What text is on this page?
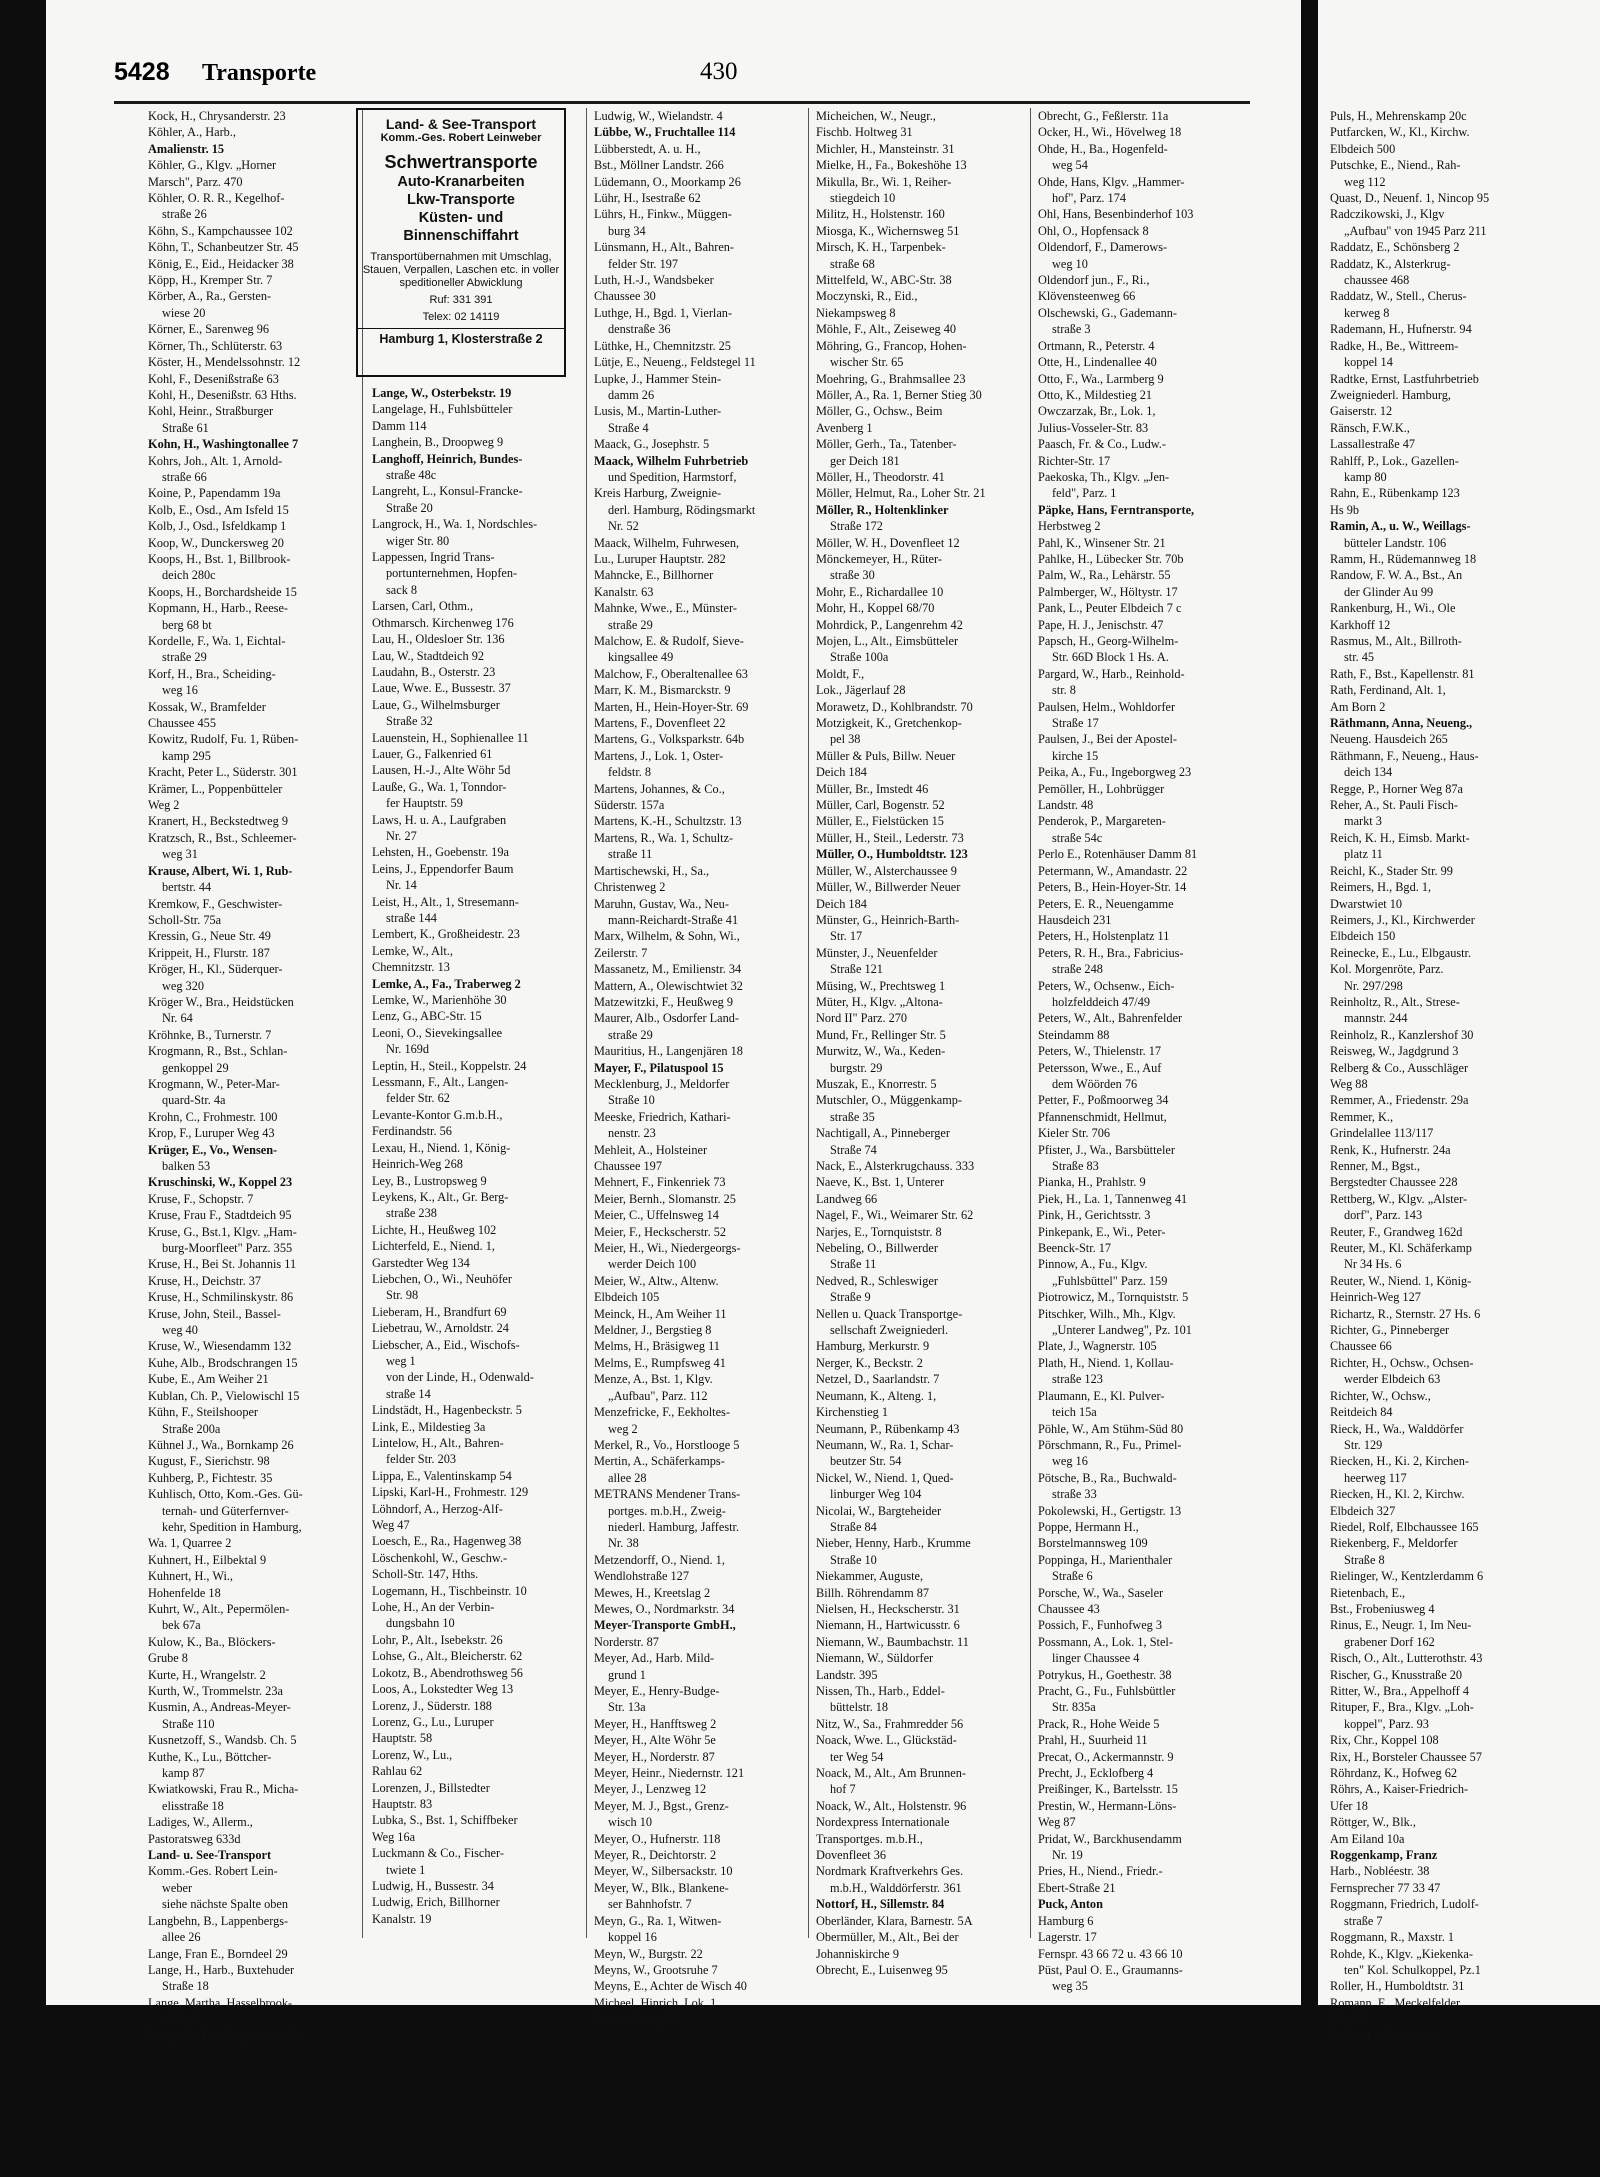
5428 Transporte	430
Kock, H., Chrysanderstr. 23
Köhler, A., Harb.,
Amalienstr. 15
Köhler, G., Klgv. „Horner
Marsch", Parz. 470
Köhler, O. R. R., Kegelhof-
straße 26
Köhn, S., Kampchaussee 102
Köhn, T., Schanbeutzer Str. 45
König, E., Eid., Heidacker 38
Köpp, H., Kremper Str. 7
Körber, A., Ra., Gersten-
wiese 20
Körner, E., Sarenweg 96
Körner, Th., Schlüterstr. 63
Köster, H., Mendelssohnstr. 12
Kohl, F., Desenißstraße 63
Kohl, H., Desenißstr. 63 Hths.
Kohl, Heinr., Straßburger
Straße 61
Kohn, H., Washingtonallee 7
Kohrs, Joh., Alt. 1, Arnold-
straße 66
Koine, P., Papendamm 19a
Kolb, E., Osd., Am Isfeld 15
Kolb, J., Osd., Isfeldkamp 1
Koop, W., Dunckersweg 20
Koops, H., Bst. 1, Billbrook-
deich 280c
Koops, H., Borchardsheide 15
Kopmann, H., Harb., Reese-
berg 68 bt
Kordelle, F., Wa. 1, Eichtal-
straße 29
Korf, H., Bra., Scheiding-
weg 16
Kossak, W., Bramfelder
Chaussee 455
Kowitz, Rudolf, Fu. 1, Rüben-
kamp 295
Kracht, Peter L., Süderstr. 301
Krämer, L., Poppenbütteler
Weg 2
Kranert, H., Beckstedtweg 9
Kratzsch, R., Bst., Schleemer-
weg 31
Krause, Albert, Wi. 1, Rub-
bertstr. 44
Kremkow, F., Geschwister-
Scholl-Str. 75a
Kressin, G., Neue Str. 49
Krippeit, H., Flurstr. 187
Kröger, H., Kl., Süderquer-
weg 320
Kröger W., Bra., Heidstücken
Nr. 64
Kröhnke, B., Turnerstr. 7
Krogmann, R., Bst., Schlan-
genkoppel 29
Krogmann, W., Peter-Mar-
quard-Str. 4a
Krohn, C., Frohmestr. 100
Krop, F., Luruper Weg 43
Krüger, E., Vo., Wensen-
balken 53
Kruschinski, W., Koppel 23
Kruse, F., Schopstr. 7
Kruse, Frau F., Stadtdeich 95
Kruse, G., Bst.1, Klgv. „Ham-
burg-Moorfleet" Parz. 355
Kruse, H., Bei St. Johannis 11
Kruse, H., Deichstr. 37
Kruse, H., Schmilinskystr. 86
Kruse, John, Steil., Bassel-
weg 40
Kruse, W., Wiesendamm 132
Kuhe, Alb., Brodschrangen 15
Kube, E., Am Weiher 21
Kublan, Ch. P., Vielowischl 15
Kühn, F., Steilshooper
Straße 200a
Kühnel J., Wa., Bornkamp 26
Kugust, F., Sierichstr. 98
Kuhberg, P., Fichtestr. 35
Kuhlisch, Otto, Kom.-Ges. Gü-
ternah- und Güterfernver-
kehr, Spedition in Hamburg,
Wa. 1, Quarree 2
Kuhnert, H., Eilbektal 9
Kuhnert, H., Wi.,
Hohenfelde 18
Kuhrt, W., Alt., Pepermölen-
bek 67a
Kulow, K., Ba., Blöckers-
Grube 8
Kurte, H., Wrangelstr. 2
Kurth, W., Trommelstr. 23a
Kusmin, A., Andreas-Meyer-
Straße 110
Kusnetzoff, S., Wandsb. Ch. 5
Kuthe, K., Lu., Böttcher-
kamp 87
Kwiatkowski, Frau R., Micha-
elisstraße 18
Ladiges, W., Allerm.,
Pastoratsweg 633d
Land- u. See-Transport
Komm.-Ges. Robert Lein-
weber
siehe nächste Spalte oben
Langbehn, B., Lappenbergs-
allee 26
Lange, Fran E., Borndeel 29
Lange, H., Harb., Buxtehuder
Straße 18
Lange, Martha, Hasselbrook-
straße 8
Lange, R., Fa., Kupferdamm50
Land- & See-Transport
Komm.-Ges. Robert Leinweber
Schwertransporte
Auto-Kranarbeiten
Lkw-Transporte
Küsten- und
Binnenschiffahrt
Transportübernahmen mit Umschlag, Stauen, Verpallen, Laschen etc. in voller speditioneller Abwicklung
Ruf: 331 391
Telex: 02 14119
Hamburg 1, Klosterstraße 2
Lange, W., Osterbekstr. 19
Langelage, H., Fuhlsbütteler
Damm 114
Langhein, B., Droopweg 9
Langhoff, Heinrich, Bundes-
straße 48c
Langreht, L., Konsul-Francke-
Straße 20
Langrock, H., Wa. 1, Nordschles-
wiger Str. 80
Lappessen, Ingrid Trans-
portunternehmen, Hopfen-
sack 8
Larsen, Carl, Othm.,
Othmarsch. Kirchenweg 176
Lau, H., Oldesloer Str. 136
Lau, W., Stadtdeich 92
Laudahn, B., Osterstr. 23
Laue, Wwe. E., Bussestr. 37
Laue, G., Wilhelmsburger
Straße 32
Lauenstein, H., Sophienallee 11
Lauer, G., Falkenried 61
Lausen, H.-J., Alte Wöhr 5d
Lauße, G., Wa. 1, Tonndor-
fer Hauptstr. 59
Laws, H. u. A., Laufgraben
Nr. 27
Lehsten, H., Goebenstr. 19a
Leins, J., Eppendorfer Baum
Nr. 14
Leist, H., Alt., 1, Stresemann-
straße 144
Lembert, K., Großheidestr. 23
Lemke, W., Alt.,
Chemnitzstr. 13
Lemke, A., Fa., Traberweg 2
Lemke, W., Marienhöhe 30
Lenz, G., ABC-Str. 15
Leoni, O., Sievekingsallee
Nr. 169d
Leptin, H., Steil., Koppelstr. 24
Lessmann, F., Alt., Langen-
felder Str. 62
Levante-Kontor G.m.b.H.,
Ferdinandstr. 56
Lexau, H., Niend. 1, König-
Heinrich-Weg 268
Ley, B., Lustropsweg 9
Leykens, K., Alt., Gr. Berg-
straße 238
Lichte, H., Heußweg 102
Lichterfeld, E., Niend. 1,
Garstedter Weg 134
Liebchen, O., Wi., Neuhöfer
Str. 98
Lieberam, H., Brandfurt 69
Liebetrau, W., Arnoldstr. 24
Liebscher, A., Eid., Wischofs-
weg 1
von der Linde, H., Odenwald-
straße 14
Lindstädt, H., Hagenbeckstr. 5
Link, E., Mildestieg 3a
Lintelow, H., Alt., Bahren-
felder Str. 203
Lippa, E., Valentinskamp 54
Lipski, Karl-H., Frohmestr. 129
Löhndorf, A., Herzog-Alf-
Weg 47
Loesch, E., Ra., Hagenweg 38
Löschenkohl, W., Geschw.-
Scholl-Str. 147, Hths.
Logemann, H., Tischbeinstr. 10
Lohe, H., An der Verbin-
dungsbahn 10
Lohr, P., Alt., Isebekstr. 26
Lohse, G., Alt., Bleicherstr. 62
Lokotz, B., Abendrothsweg 56
Loos, A., Lokstedter Weg 13
Lorenz, J., Süderstr. 188
Lorenz, G., Lu., Luruper
Hauptstr. 58
Lorenz, W., Lu.,
Rahlau 62
Lorenzen, J., Billstedter
Hauptstr. 83
Lubka, S., Bst. 1, Schiffbeker
Weg 16a
Luckmann & Co., Fischer-
twiete 1
Ludwig, H., Bussestr. 34
Ludwig, Erich, Billhorner
Kanalstr. 19
Ludwig, W., Wielandstr. 4
Lübbe, W., Fruchtallee 114
Lübberstedt, A. u. H.,
Bst., Möllner Landstr. 266
Lüdemann, O., Moorkamp 26
Lühr, H., Isestraße 62
Lührs, H., Finkw., Müggen-
burg 34
Lünsmann, H., Alt., Bahren-
felder Str. 197
Luth, H.-J., Wandsbeker
Chaussee 30
Luthge, H., Bgd. 1, Vierlan-
denstraße 36
Lüthke, H., Chemnitzstr. 25
Lütje, E., Neueng., Feldstegel 11
Lupke, J., Hammer Stein-
damm 26
Lusis, M., Martin-Luther-
Straße 4
Maack, G., Josephstr. 5
Maack, Wilhelm Fuhrbetrieb
und Spedition, Harmstorf,
Kreis Harburg, Zweignie-
derl. Hamburg, Rödingsmarkt
Nr. 52
Maack, Wilhelm, Fuhrwesen,
Lu., Luruper Hauptstr. 282
Mahncke, E., Billhorner
Kanalstr. 63
Mahnke, Wwe., E., Münster-
straße 29
Malchow, E. & Rudolf, Sieve-
kingsallee 49
Malchow, F., Oberaltenallee 63
Marr, K. M., Bismarckstr. 9
Marten, H., Hein-Hoyer-Str. 69
Martens, F., Dovenfleet 22
Martens, G., Volksparkstr. 64b
Martens, J., Lok. 1, Oster-
feldstr. 8
Martens, Johannes, & Co.,
Süderstr. 157a
Martens, K.-H., Schultzstr. 13
Martens, R., Wa. 1, Schultz-
straße 11
Martischewski, H., Sa.,
Christenweg 2
Maruhn, Gustav, Wa., Neu-
mann-Reichardt-Straße 41
Marx, Wilhelm, & Sohn, Wi.,
Zeilerstr. 7
Massanetz, M., Emilienstr. 34
Mattern, A., Olewischtwiet 32
Matzewitzki, F., Heußweg 9
Maurer, Alb., Osdorfer Land-
straße 29
Mauritius, H., Langenjären 18
Mayer, F., Pilatuspool 15
Mecklenburg, J., Meldorfer
Straße 10
Meeske, Friedrich, Kathari-
nenstr. 23
Mehleit, A., Holsteiner
Chaussee 197
Mehnert, F., Finkenriek 73
Meier, Bernh., Slomanstr. 25
Meier, C., Uffelnsweg 14
Meier, F., Heckscherstr. 52
Meier, H., Wi., Niedergeorgs-
werder Deich 100
Meier, W., Altw., Altenw.
Elbdeich 105
Meinck, H., Am Weiher 11
Meldner, J., Bergstieg 8
Melms, H., Bräsigweg 11
Melms, E., Rumpfsweg 41
Menze, A., Bst. 1, Klgv.
„Aufbau", Parz. 112
Menzefricke, F., Eekholtes-
weg 2
Merkel, R., Vo., Horstlooge 5
Mertin, A., Schäferkamps-
allee 28
METRANS Mendener Trans-
portges. m.b.H., Zweig-
niederl. Hamburg, Jaffestr.
Nr. 38
Metzendorff, O., Niend. 1,
Wendlohstraße 127
Mewes, H., Kreetslag 2
Mewes, O., Nordmarkstr. 34
Meyer-Transporte GmbH.,
Norderstr. 87
Meyer, Ad., Harb. Mild-
grund 1
Meyer, E., Henry-Budge-
Str. 13a
Meyer, H., Hanfftsweg 2
Meyer, H., Alte Wöhr 5e
Meyer, H., Norderstr. 87
Meyer, Heinr., Niedernstr. 121
Meyer, J., Lenzweg 12
Meyer, M. J., Bgst., Grenz-
wisch 10
Meyer, O., Hufnerstr. 118
Meyer, R., Deichtorstr. 2
Meyer, W., Silbersackstr. 10
Meyer, W., Blk., Blankene-
ser Bahnhofstr. 7
Meyn, G., Ra. 1, Witwen-
koppel 16
Meyn, W., Burgstr. 22
Meyns, W., Grootsruhe 7
Meyns, E., Achter de Wisch 40
Micheel, Hinrich, Lok. 1,
Gazellenkamp 75
Micheichen, W., Neugr.,
Fischb. Holtweg 31
Michler, H., Mansteinstr. 31
Mielke, H., Fa., Bokeshöhe 13
Mikulla, Br., Wi. 1, Reiher-
stiegdeich 10
Militz, H., Holstenstr. 160
Miosga, K., Wichernsweg 51
Mirsch, K. H., Tarpenbek-
straße 68
Mittelfeld, W., ABC-Str. 38
Moczynski, R., Eid.,
Niekampsweg 8
Möhle, F., Alt., Zeiseweg 40
Möhring, G., Francop, Hohen-
wischer Str. 65
Moehring, G., Brahmsallee 23
Möller, A., Ra. 1, Berner Stieg 30
Möller, G., Ochsw., Beim
Avenberg 1
Möller, Gerh., Ta., Tatenber-
ger Deich 181
Möller, H., Theodorstr. 41
Möller, Helmut, Ra., Loher Str. 21
Möller, R., Holtenklinker
Straße 172
Möller, W. H., Dovenfleet 12
Mönckemeyer, H., Rüter-
straße 30
Mohr, E., Richardallee 10
Mohr, H., Koppel 68/70
Mohrdick, P., Langenrehm 42
Mojen, L., Alt., Eimsbütteler
Straße 100a
Moldt, F.,
Lok., Jägerlauf 28
Morawetz, D., Kohlbrandstr. 70
Motzigkeit, K., Gretchenkop-
pel 38
Müller & Puls, Billw. Neuer
Deich 184
Müller, Br., Imstedt 46
Müller, Carl, Bogenstr. 52
Müller, E., Fielstücken 15
Müller, H., Steil., Lederstr. 73
Müller, O., Humboldtstr. 123
Müller, W., Alsterchaussee 9
Müller, W., Billwerder Neuer
Deich 184
Münster, G., Heinrich-Barth-
Str. 17
Münster, J., Neuenfelder
Straße 121
Müsing, W., Prechtsweg 1
Müter, H., Klgv. „Altona-
Nord II" Parz. 270
Mund, Fr., Rellinger Str. 5
Murwitz, W., Wa., Keden-
burgstr. 29
Muszak, E., Knorrestr. 5
Mutschler, O., Müggenkamp-
straße 35
Nachtigall, A., Pinneberger
Straße 74
Nack, E., Alsterkrugchauss. 333
Naeve, K., Bst. 1, Unterer
Landweg 66
Nagel, F., Wi., Weimarer Str. 62
Narjes, E., Tornquiststr. 8
Nebeling, O., Billwerder
Straße 11
Nedved, R., Schleswiger
Straße 9
Nellen u. Quack Transportge-
sellschaft Zweigniederl.
Hamburg, Merkurstr. 9
Nerger, K., Beckstr. 2
Netzel, D., Saarlandstr. 7
Neumann, K., Alteng. 1,
Kirchenstieg 1
Neumann, P., Rübenkamp 43
Neumann, W., Ra. 1, Schar-
beutzer Str. 54
Nickel, W., Niend. 1, Qued-
linburger Weg 104
Nicolai, W., Bargteheider
Straße 84
Nieber, Henny, Harb., Krumme
Straße 10
Niekammer, Auguste,
Billh. Röhrendamm 87
Nielsen, H., Heckscherstr. 31
Niemann, H., Hartwicusstr. 6
Niemann, W., Baumbachstr. 11
Niemann, W., Süldorfer
Landstr. 395
Nissen, Th., Harb., Eddel-
büttelstr. 18
Nitz, W., Sa., Frahmredder 56
Noack, Wwe. L., Glückstäd-
ter Weg 54
Noack, M., Alt., Am Brunnen-
hof 7
Noack, W., Alt., Holstenstr. 96
Nordexpress Internationale
Transportges. m.b.H.,
Dovenfleet 36
Nordmark Kraftverkehrs Ges.
m.b.H., Walddörferstr. 361
Nottorf, H., Sillemstr. 84
Oberländer, Klara, Barnestr. 5A
Obermüller, M., Alt., Bei der
Johanniskirche 9
Obrecht, E., Luisenweg 95
Obrecht, G., Feßlerstr. 11a
Ocker, H., Wi., Hövelweg 18
Ohde, H., Ba., Hogenfeld-
weg 54
Ohde, Hans, Klgv. „Hammer-
hof", Parz. 174
Ohl, Hans, Besenbinderhof 103
Ohl, O., Hopfensack 8
Oldendorf, F., Damerows-
weg 10
Oldendorf jun., F., Ri.,
Klövensteenweg 66
Olschewski, G., Gademann-
straße 3
Ortmann, R., Peterstr. 4
Otte, H., Lindenallee 40
Otto, F., Wa., Larmberg 9
Otto, K., Mildestieg 21
Owczarzak, Br., Lok. 1,
Julius-Vosseler-Str. 83
Paasch, Fr. & Co., Ludw.-
Richter-Str. 17
Paekoska, Th., Klgv. „Jen-
feld", Parz. 1
Päpke, Hans, Ferntransporte,
Herbstweg 2
Pahl, K., Winsener Str. 21
Pahlke, H., Lübecker Str. 70b
Palm, W., Ra., Lehärstr. 55
Palmberger, W., Höltystr. 17
Pank, L., Peuter Elbdeich 7 c
Pape, H. J., Jenischstr. 47
Papsch, H., Georg-Wilhelm-
Str. 66D Block 1 Hs. A.
Pargard, W., Harb., Reinhold-
str. 8
Paulsen, Helm., Wohldorfer
Straße 17
Paulsen, J., Bei der Apostel-
kirche 15
Peika, A., Fu., Ingeborgweg 23
Pemöller, H., Lohbrügger
Landstr. 48
Penderok, P., Margareten-
straße 54c
Perlo E., Rotenhäuser Damm 81
Petermann, W., Amandastr. 22
Peters, B., Hein-Hoyer-Str. 14
Peters, E. R., Neuengamme
Hausdeich 231
Peters, H., Holstenplatz 11
Peters, R. H., Bra., Fabricius-
straße 248
Peters, W., Ochsenw., Eich-
holzfelddeich 47/49
Peters, W., Alt., Bahrenfelder
Steindamm 88
Peters, W., Thielenstr. 17
Petersson, Wwe., E., Auf
dem Wöörden 76
Petter, F., Poßmoorweg 34
Pfannenschmidt, Hellmut,
Kieler Str. 706
Pfister, J., Wa., Barsbütteler
Straße 83
Pianka, H., Prahlstr. 9
Piek, H., La. 1, Tannenweg 41
Pink, H., Gerichtsstr. 3
Pinkepank, E., Wi., Peter-
Beenck-Str. 17
Pinnow, A., Fu., Klgv.
„Fuhlsbüttel" Parz. 159
Piotrowicz, M., Tornquiststr. 5
Pitschker, Wilh., Mh., Klgv.
„Unterer Landweg", Pz. 101
Plate, J., Wagnerstr. 105
Plath, H., Niend. 1, Kollau-
straße 123
Plaumann, E., Kl. Pulver-
teich 15a
Pöhle, W., Am Stühm-Süd 80
Pörschmann, R., Fu., Primel-
weg 16
Pötsche, B., Ra., Buchwald-
straße 33
Pokolewski, H., Gertigstr. 13
Poppe, Hermann H.,
Borstelmannsweg 109
Poppinga, H., Marienthaler
Straße 6
Porsche, W., Wa., Saseler
Chaussee 43
Possich, F., Funhofweg 3
Possmann, A., Lok. 1, Stel-
linger Chaussee 4
Potrykus, H., Goethestr. 38
Pracht, G., Fu., Fuhlsbüttler
Str. 835a
Prack, R., Hohe Weide 5
Prahl, H., Suurheid 11
Precat, O., Ackermannstr. 9
Precht, J., Ecklofberg 4
Preißinger, K., Bartelsstr. 15
Prestin, W., Hermann-Löns-
Weg 87
Pridat, W., Barckhusendamm
Nr. 19
Pries, H., Niend., Friedr.-
Ebert-Straße 21
Puck, Anton
Hamburg 6
Lagerstr. 17
Fernspr. 43 66 72 u. 43 66 10
Püst, Paul O. E., Graumanns-
weg 35
Puls, H., Mehrenskamp 20c
Putfarcken, W., Kl., Kirchw.
Elbdeich 500
Putschke, E., Niend., Rah-
weg 112
Quast, D., Neuenf. 1, Nincop 95
Radczikowski, J., Klgv
„Aufbau" von 1945 Parz 211
Raddatz, E., Schönsberg 2
Raddatz, K., Alsterkrug-
chaussee 468
Raddatz, W., Stell., Cherus-
kerweg 8
Rademann, H., Hufnerstr. 94
Radke, H., Be., Wittreem-
koppel 14
Radtke, Ernst, Lastfuhrbetrieb
Zweigniederl. Hamburg,
Gaiserstr. 12
Ränsch, F.W.K.,
Lassallestraße 47
Rahlff, P., Lok., Gazellen-
kamp 80
Rahn, E., Rübenkamp 123
Hs 9b
Ramin, A., u. W., Weillags-
bütteler Landstr. 106
Ramm, H., Rüdemannweg 18
Randow, F. W. A., Bst., An
der Glinder Au 99
Rankenburg, H., Wi., Ole
Karkhoff 12
Rasmus, M., Alt., Billroth-
str. 45
Rath, F., Bst., Kapellenstr. 81
Rath, Ferdinand, Alt. 1,
Am Born 2
Räthmann, Anna, Neueng.,
Neueng. Hausdeich 265
Räthmann, F., Neueng., Haus-
deich 134
Regge, P., Horner Weg 87a
Reher, A., St. Pauli Fisch-
markt 3
Reich, K. H., Eimsb. Markt-
platz 11
Reichl, K., Stader Str. 99
Reimers, H., Bgd. 1,
Dwarstwiet 10
Reimers, J., Kl., Kirchwerder
Elbdeich 150
Reinecke, E., Lu., Elbgaustr.
Kol. Morgenröte, Parz.
Nr. 297/298
Reinholtz, R., Alt., Strese-
mannstr. 244
Reinholz, R., Kanzlershof 30
Reisweg, W., Jagdgrund 3
Relberg & Co., Ausschläger
Weg 88
Remmer, A., Friedenstr. 29a
Remmer, K.,
Grindelallee 113/117
Renk, K., Hufnerstr. 24a
Renner, M., Bgst.,
Bergstedter Chaussee 228
Rettberg, W., Klgv. „Alster-
dorf", Parz. 143
Reuter, F., Grandweg 162d
Reuter, M., Kl. Schäferkamp
Nr 34 Hs. 6
Reuter, W., Niend. 1, König-
Heinrich-Weg 127
Richartz, R., Sternstr. 27 Hs. 6
Richter, G., Pinneberger
Chaussee 66
Richter, H., Ochsw., Ochsen-
werder Elbdeich 63
Richter, W., Ochsw.,
Reitdeich 84
Rieck, H., Wa., Walddörfer
Str. 129
Riecken, H., Ki. 2, Kirchen-
heerweg 117
Riecken, H., Kl. 2, Kirchw.
Elbdeich 327
Riedel, Rolf, Elbchaussee 165
Riekenberg, F., Meldorfer
Straße 8
Rielinger, W., Kentzlerdamm 6
Rietenbach, E.,
Bst., Frobeniusweg 4
Rinus, E., Neugr. 1, Im Neu-
grabener Dorf 162
Risch, O., Alt., Lutterothstr. 43
Rischer, G., Knusstraße 20
Ritter, W., Bra., Appelhoff 4
Rituper, F., Bra., Klgv. „Loh-
koppel", Parz. 93
Rix, Chr., Koppel 108
Rix, H., Borsteler Chaussee 57
Röhrdanz, K., Hofweg 62
Röhrs, A., Kaiser-Friedrich-
Ufer 18
Röttger, W., Blk.,
Am Eiland 10a
Roggenkamp, Franz
Harb., Nobléestr. 38
Fernsprecher 77 33 47
Roggmann, Friedrich, Ludolf-
straße 7
Roggmann, R., Maxstr. 1
Rohde, K., Klgv. „Kiekenka-
ten" Kol. Schulkoppel, Pz.1
Roller, H., Humboldtstr. 31
Romann, E., Meckelfelder
Weg 58
Rosen, L., Bornstr. 22
